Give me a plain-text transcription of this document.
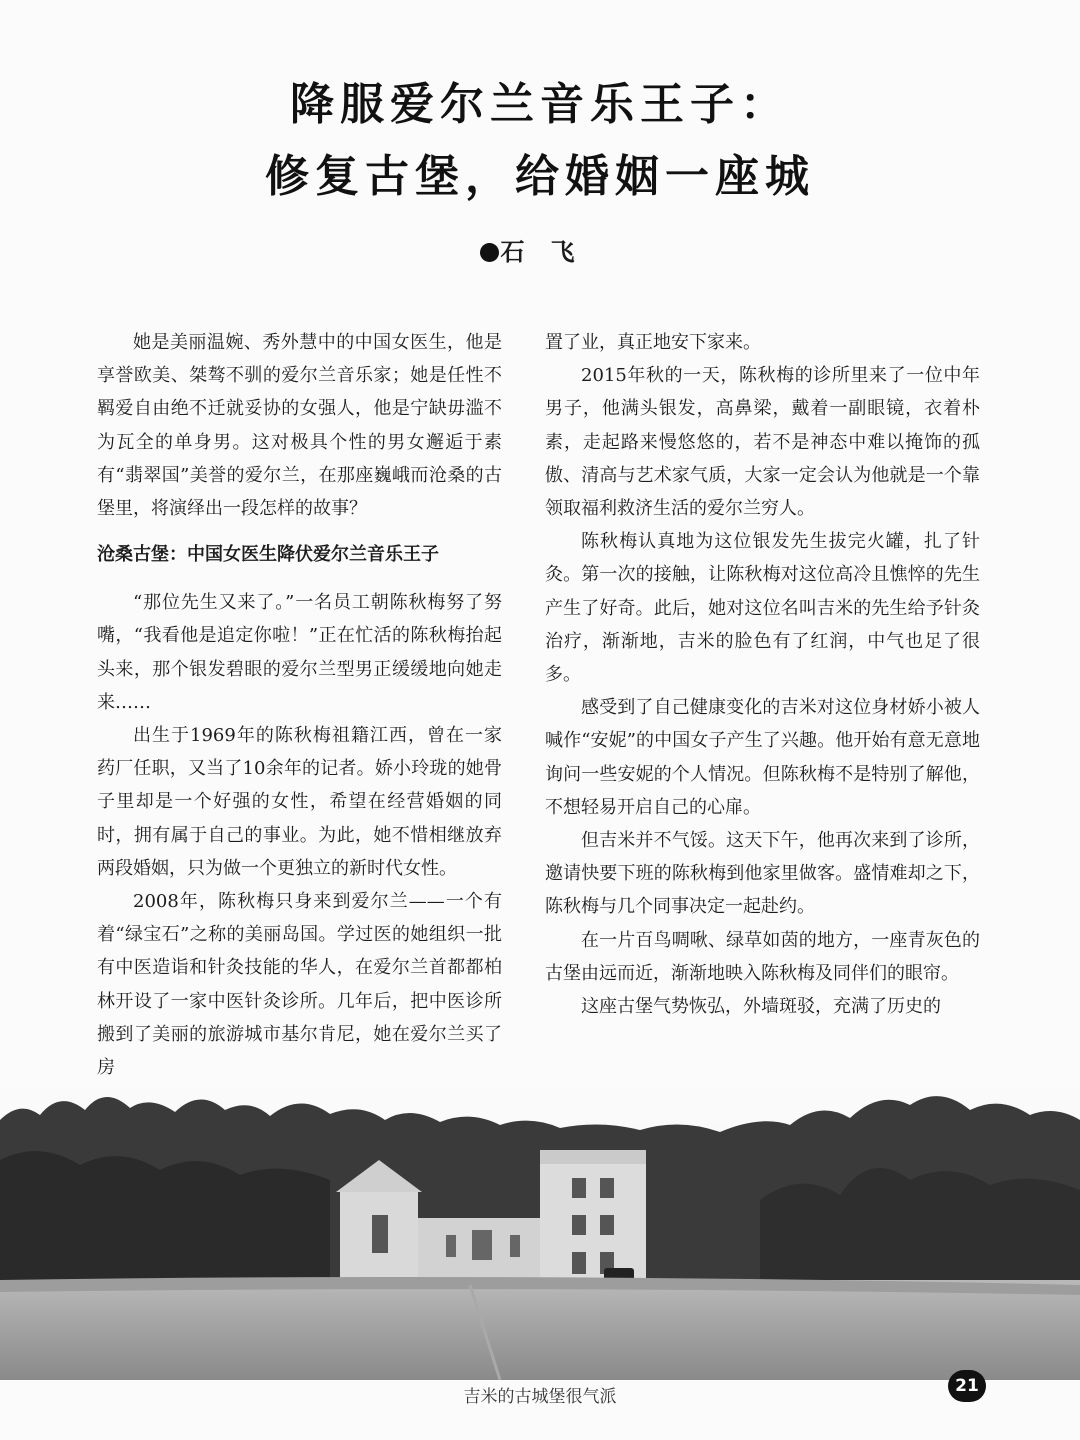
降服爱尔兰音乐王子：
修复古堡，给婚姻一座城
石飞

她是美丽温婉、秀外慧中的中国女医生，他是享誉欧美、桀骜不驯的爱尔兰音乐家；她是任性不羁爱自由绝不迁就妥协的女强人，他是宁缺毋滥不为瓦全的单身男。这对极具个性的男女邂逅于素有“翡翠国”美誉的爱尔兰，在那座巍峨而沧桑的古堡里，将演绎出一段怎样的故事？

沧桑古堡：中国女医生降伏爱尔兰音乐王子

“那位先生又来了。”一名员工朝陈秋梅努了努嘴，“我看他是追定你啦！”正在忙活的陈秋梅抬起头来，那个银发碧眼的爱尔兰型男正缓缓地向她走来……

出生于1969年的陈秋梅祖籍江西，曾在一家药厂任职，又当了10余年的记者。娇小玲珑的她骨子里却是一个好强的女性，希望在经营婚姻的同时，拥有属于自己的事业。为此，她不惜相继放弃两段婚姻，只为做一个更独立的新时代女性。

2008年，陈秋梅只身来到爱尔兰——一个有着“绿宝石”之称的美丽岛国。学过医的她组织一批有中医造诣和针灸技能的华人，在爱尔兰首都都柏林开设了一家中医针灸诊所。几年后，把中医诊所搬到了美丽的旅游城市基尔肯尼，她在爱尔兰买了房

置了业，真正地安下家来。

2015年秋的一天，陈秋梅的诊所里来了一位中年男子，他满头银发，高鼻梁，戴着一副眼镜，衣着朴素，走起路来慢悠悠的，若不是神态中难以掩饰的孤傲、清高与艺术家气质，大家一定会认为他就是一个靠领取福利救济生活的爱尔兰穷人。

陈秋梅认真地为这位银发先生拔完火罐，扎了针灸。第一次的接触，让陈秋梅对这位高冷且憔悴的先生产生了好奇。此后，她对这位名叫吉米的先生给予针灸治疗，渐渐地，吉米的脸色有了红润，中气也足了很多。

感受到了自己健康变化的吉米对这位身材娇小被人喊作“安妮”的中国女子产生了兴趣。他开始有意无意地询问一些安妮的个人情况。但陈秋梅不是特别了解他，不想轻易开启自己的心扉。

但吉米并不气馁。这天下午，他再次来到了诊所，邀请快要下班的陈秋梅到他家里做客。盛情难却之下，陈秋梅与几个同事决定一起赴约。

在一片百鸟啁啾、绿草如茵的地方，一座青灰色的古堡由远而近，渐渐地映入陈秋梅及同伴们的眼帘。

这座古堡气势恢弘，外墙斑驳，充满了历史的

吉米的古城堡很气派
21
